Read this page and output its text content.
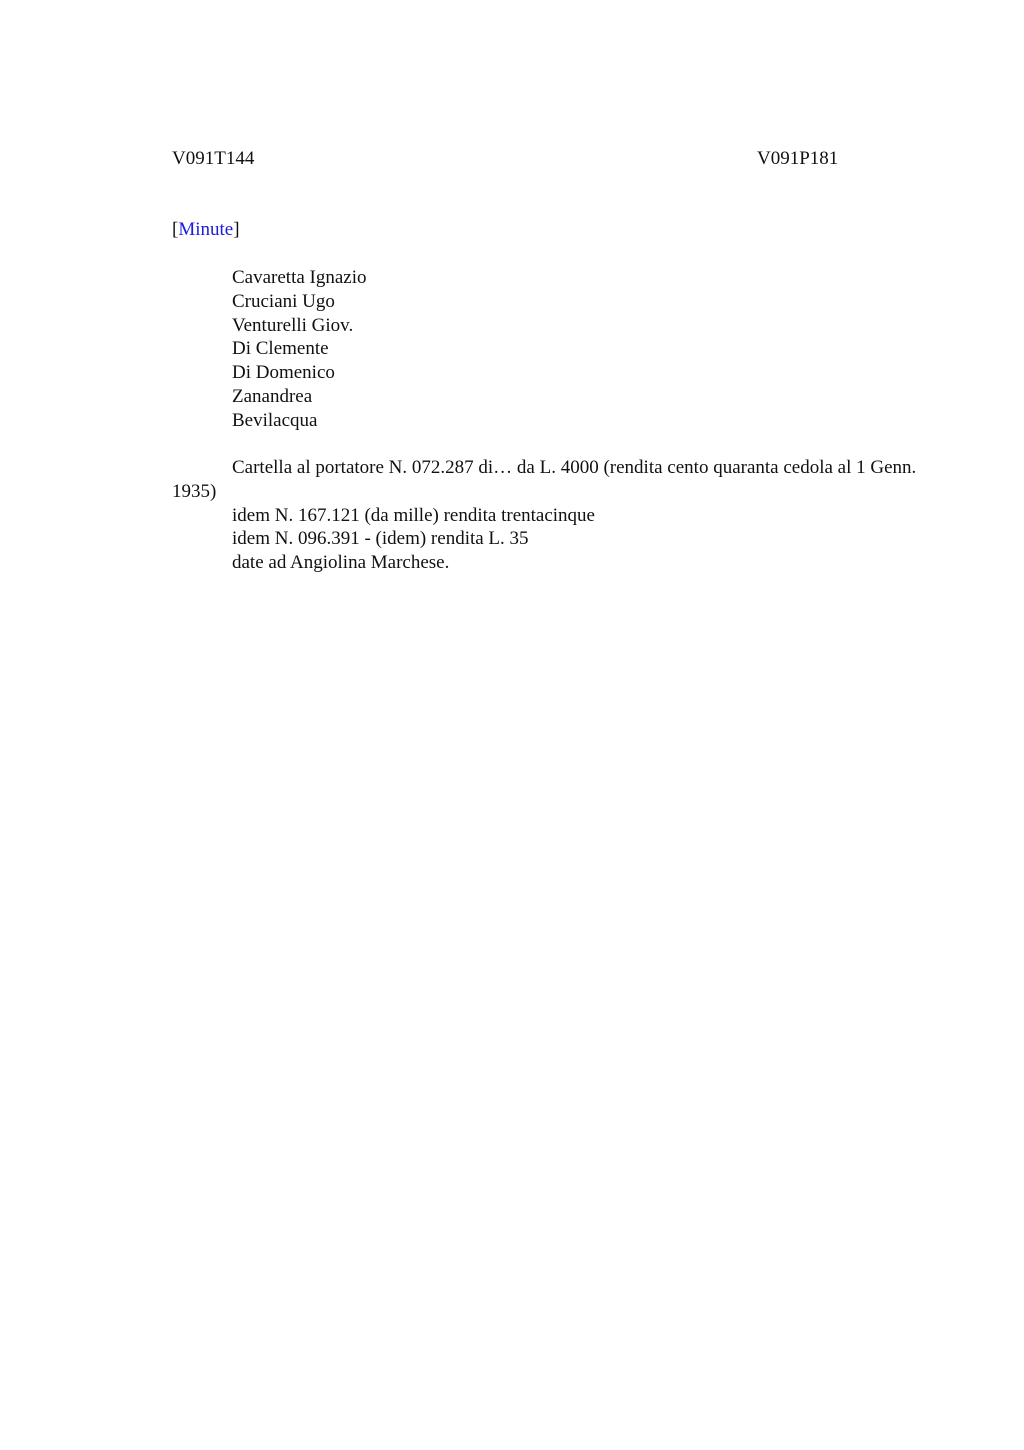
V091T144	V091P181
[Minute]
Cavaretta Ignazio
Cruciani Ugo
Venturelli Giov.
Di Clemente
Di Domenico
Zanandrea
Bevilacqua
Cartella al portatore N. 072.287 di… da L. 4000 (rendita cento quaranta cedola al 1 Genn. 1935)
idem N. 167.121 (da mille) rendita trentacinque
idem N. 096.391 - (idem) rendita L. 35
date ad Angiolina Marchese.
